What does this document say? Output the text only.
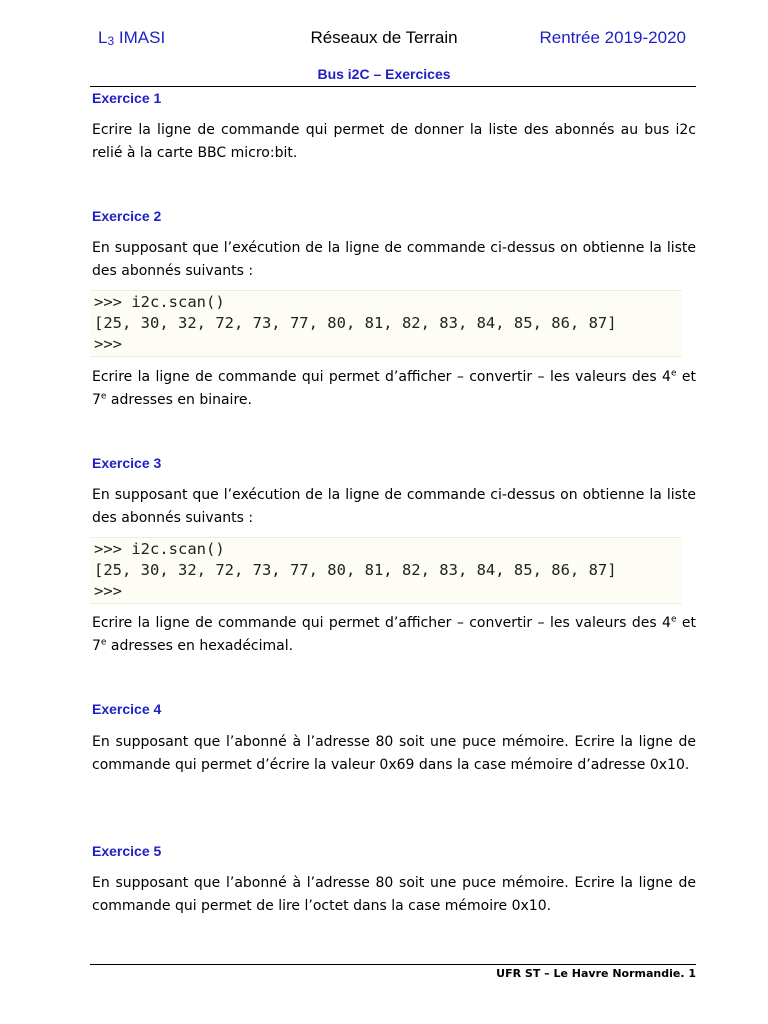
$L_3$ IMASI	Réseaux de Terrain	Rentrée 2019-2020
Bus i2C – Exercices
Exercice 1
Ecrire la ligne de commande qui permet de donner la liste des abonnés au bus i2c relié à la carte BBC micro:bit.
Exercice 2
En supposant que l’exécution de la ligne de commande ci-dessus on obtienne la liste des abonnés suivants :
>>> i2c.scan()
[25, 30, 32, 72, 73, 77, 80, 81, 82, 83, 84, 85, 86, 87]
>>>
Ecrire la ligne de commande qui permet d’afficher – convertir – les valeurs des 4e et 7e adresses en binaire.
Exercice 3
En supposant que l’exécution de la ligne de commande ci-dessus on obtienne la liste des abonnés suivants :
>>> i2c.scan()
[25, 30, 32, 72, 73, 77, 80, 81, 82, 83, 84, 85, 86, 87]
>>>
Ecrire la ligne de commande qui permet d’afficher – convertir – les valeurs des 4e et 7e adresses en hexadécimal.
Exercice 4
En supposant que l’abonné à l’adresse 80 soit une puce mémoire. Ecrire la ligne de commande qui permet d’écrire la valeur 0x69 dans la case mémoire d’adresse 0x10.
Exercice 5
En supposant que l’abonné à l’adresse 80 soit une puce mémoire. Ecrire la ligne de commande qui permet de lire l’octet dans la case mémoire 0x10.
UFR ST – Le Havre Normandie. 1
